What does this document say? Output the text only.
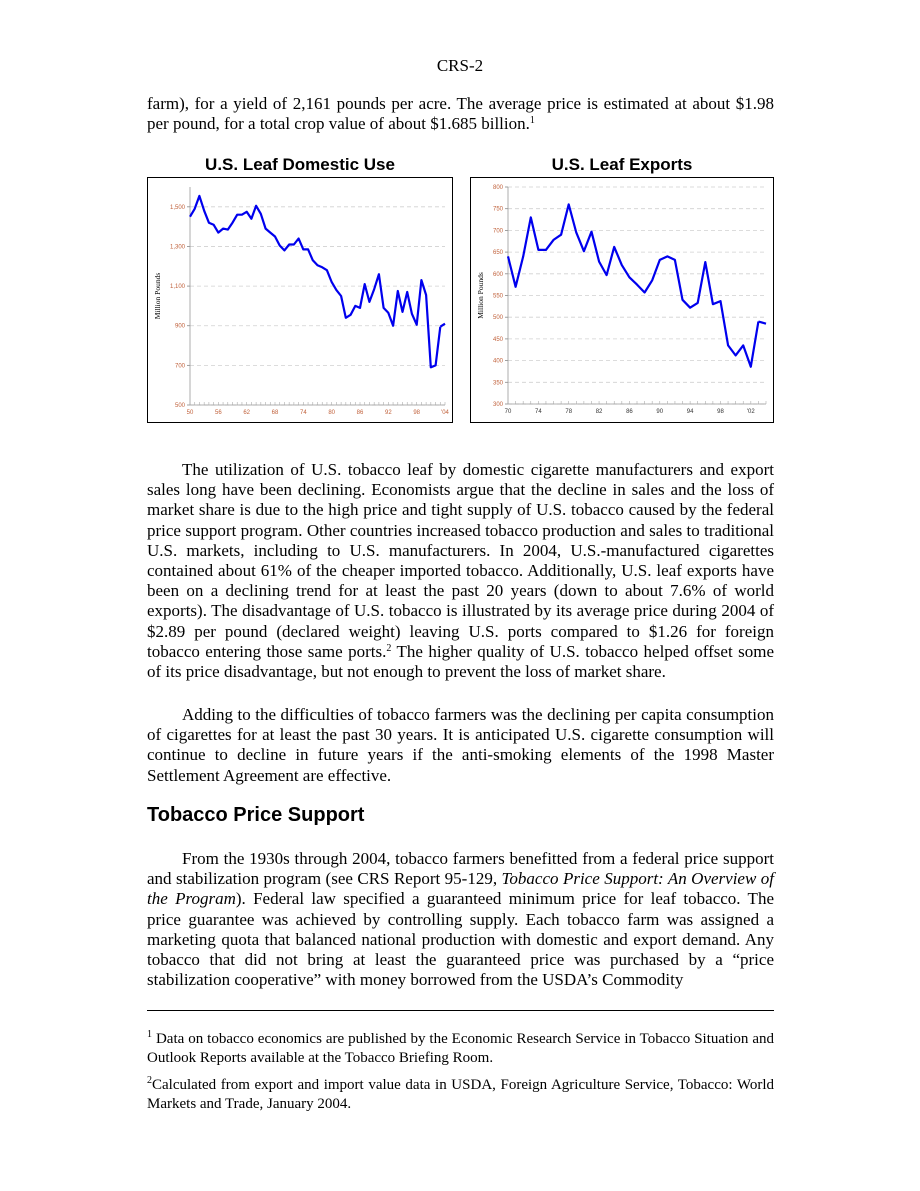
CRS-2

farm), for a yield of 2,161 pounds per acre. The average price is estimated at about $1.98 per pound, for a total crop value of about $1.685 billion.$^1$

U.S. Leaf Domestic Use
500
700
900
1,100
1,300
1,500
50	56	62	68	74	80	86	92	98	'04
Million Pounds
U.S. Leaf Exports
300
350
400
450
500
550
600
650
700
750
800
70	74	78	82	86	90	94	98	'02
Million Pounds

The utilization of U.S. tobacco leaf by domestic cigarette manufacturers and export sales long have been declining. Economists argue that the decline in sales and the loss of market share is due to the high price and tight supply of U.S. tobacco caused by the federal price support program. Other countries increased tobacco production and sales to traditional U.S. markets, including to U.S. manufacturers. In 2004, U.S.-manufactured cigarettes contained about 61% of the cheaper imported tobacco. Additionally, U.S. leaf exports have been on a declining trend for at least the past 20 years (down to about 7.6% of world exports). The disadvantage of U.S. tobacco is illustrated by its average price during 2004 of $2.89 per pound (declared weight) leaving U.S. ports compared to $1.26 for foreign tobacco entering those same ports.$^2$ The higher quality of U.S. tobacco helped offset some of its price disadvantage, but not enough to prevent the loss of market share.

Adding to the difficulties of tobacco farmers was the declining per capita consumption of cigarettes for at least the past 30 years. It is anticipated U.S. cigarette consumption will continue to decline in future years if the anti-smoking elements of the 1998 Master Settlement Agreement are effective.

Tobacco Price Support

From the 1930s through 2004, tobacco farmers benefitted from a federal price support and stabilization program (see CRS Report 95-129, Tobacco Price Support: An Overview of the Program). Federal law specified a guaranteed minimum price for leaf tobacco. The price guarantee was achieved by controlling supply. Each tobacco farm was assigned a marketing quota that balanced national production with domestic and export demand. Any tobacco that did not bring at least the guaranteed price was purchased by a “price stabilization cooperative” with money borrowed from the USDA’s Commodity

$^1$ Data on tobacco economics are published by the Economic Research Service in Tobacco Situation and Outlook Reports available at the Tobacco Briefing Room.

$^2$Calculated from export and import value data in USDA, Foreign Agriculture Service, Tobacco: World Markets and Trade, January 2004.
